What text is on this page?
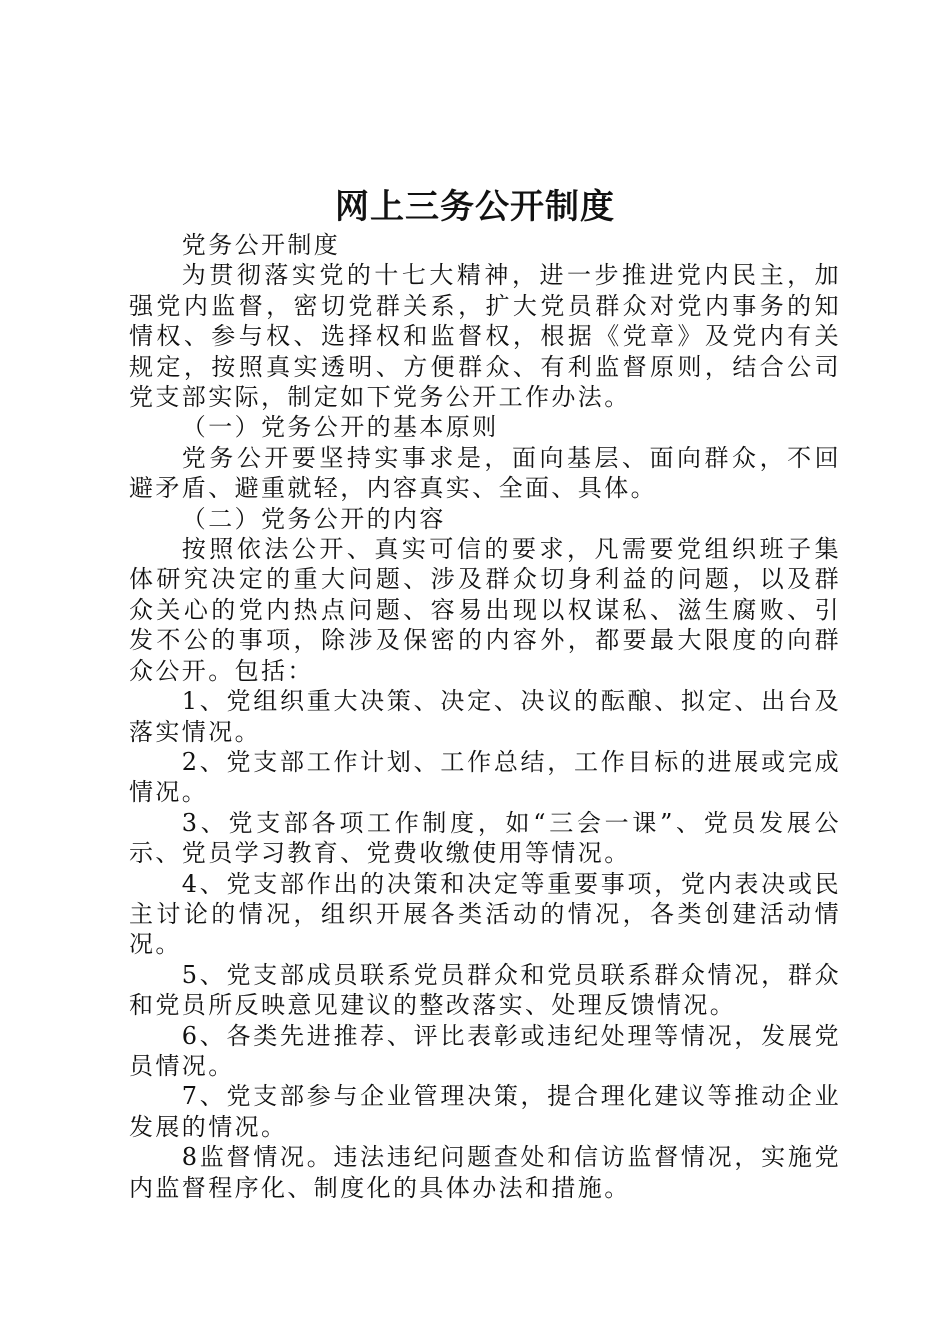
网上三务公开制度

党务公开制度

为贯彻落实党的十七大精神，进一步推进党内民主，加强党内监督，密切党群关系，扩大党员群众对党内事务的知情权、参与权、选择权和监督权，根据《党章》及党内有关规定，按照真实透明、方便群众、有利监督原则，结合公司党支部实际，制定如下党务公开工作办法。

（一）党务公开的基本原则

党务公开要坚持实事求是，面向基层、面向群众，不回避矛盾、避重就轻，内容真实、全面、具体。

（二）党务公开的内容

按照依法公开、真实可信的要求，凡需要党组织班子集体研究决定的重大问题、涉及群众切身利益的问题，以及群众关心的党内热点问题、容易出现以权谋私、滋生腐败、引发不公的事项，除涉及保密的内容外，都要最大限度的向群众公开。包括：

1、党组织重大决策、决定、决议的酝酿、拟定、出台及落实情况。

2、党支部工作计划、工作总结，工作目标的进展或完成情况。

3、党支部各项工作制度，如“三会一课”、党员发展公示、党员学习教育、党费收缴使用等情况。

4、党支部作出的决策和决定等重要事项，党内表决或民主讨论的情况，组织开展各类活动的情况，各类创建活动情况。

5、党支部成员联系党员群众和党员联系群众情况，群众和党员所反映意见建议的整改落实、处理反馈情况。

6、各类先进推荐、评比表彰或违纪处理等情况，发展党员情况。

7、党支部参与企业管理决策，提合理化建议等推动企业发展的情况。

8监督情况。违法违纪问题查处和信访监督情况，实施党内监督程序化、制度化的具体办法和措施。
